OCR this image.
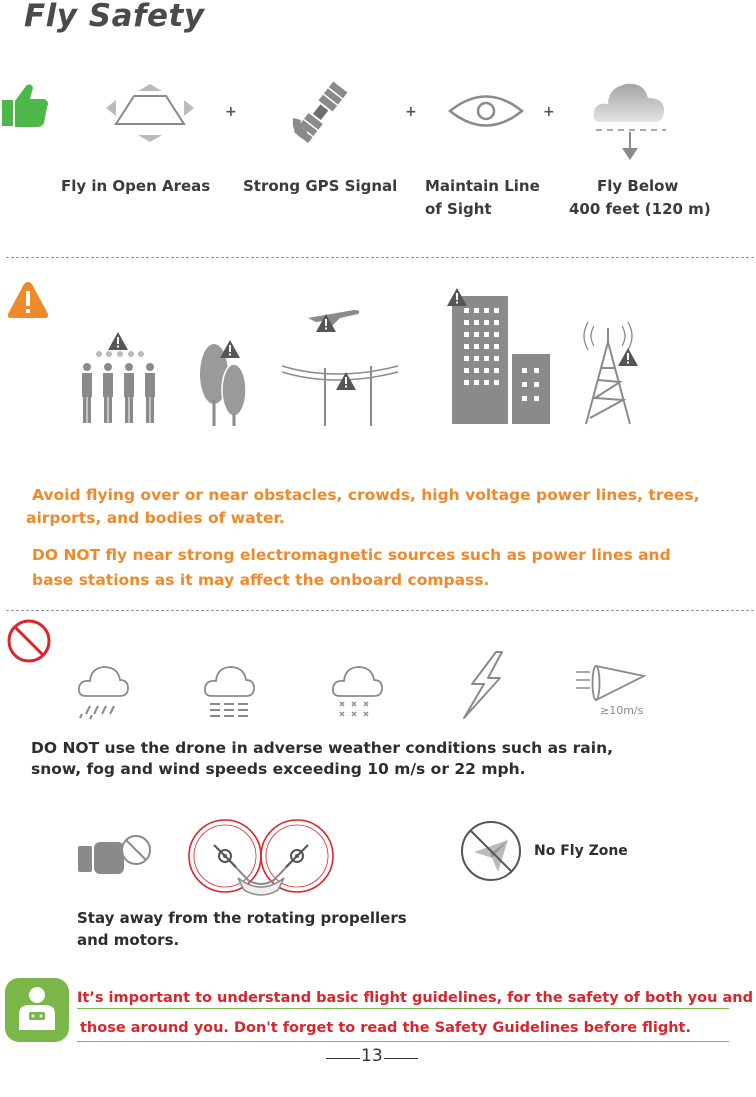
Fly Safety
+	+	+
Fly in Open Areas Strong GPS Signal Maintain Line
of Sight
Fly Below
400 feet (120 m)
Avoid flying over or near obstacles, crowds, high voltage power lines, trees,
airports, and bodies of water.
DO NOT fly near strong electromagnetic sources such as power lines and
base stations as it may affect the onboard compass.
≥10m/s
DO NOT use the drone in adverse weather conditions such as rain,
snow, fog and wind speeds exceeding 10 m/s or 22 mph.
Stay away from the rotating propellers
and motors.
No Fly Zone
It’s important to understand basic flight guidelines, for the safety of both you and
those around you. Don't forget to read the Safety Guidelines before flight.
13
